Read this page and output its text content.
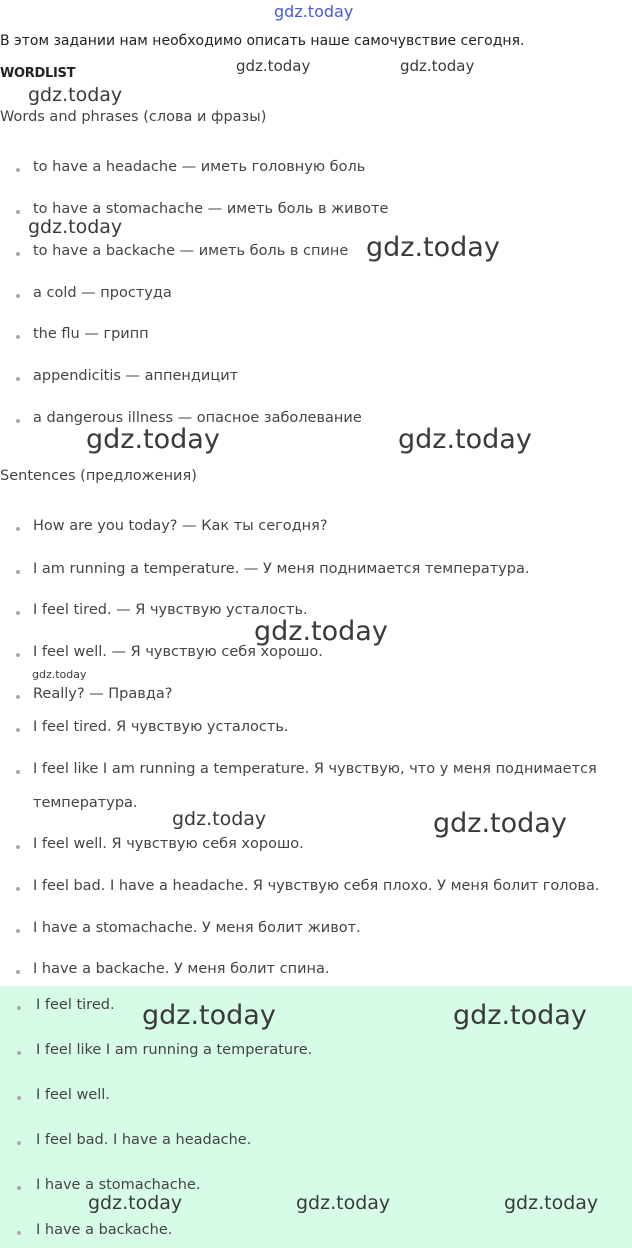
gdz.today
В этом задании нам необходимо описать наше самочувствие сегодня.
WORDLIST
Words and phrases (слова и фразы)
to have a headache — иметь головную боль
to have a stomachache — иметь боль в животе
to have a backache — иметь боль в спине
a cold — простуда
the flu — грипп
appendicitis — аппендицит
a dangerous illness — опасное заболевание
Sentences (предложения)
How are you today? — Как ты сегодня?
I am running a temperature. — У меня поднимается температура.
I feel tired. — Я чувствую усталость.
I feel well. — Я чувствую себя хорошо.
Really? — Правда?
I feel tired. Я чувствую усталость.
I feel like I am running a temperature. Я чувствую, что у меня поднимается температура.
I feel well. Я чувствую себя хорошо.
I feel bad. I have a headache. Я чувствую себя плохо. У меня болит голова.
I have a stomachache. У меня болит живот.
I have a backache. У меня болит спина.
I feel tired.
I feel like I am running a temperature.
I feel well.
I feel bad. I have a headache.
I have a stomachache.
I have a backache.
gdz.today	gdz.today
gdz.today
gdz.today
gdz.today
gdz.today	gdz.today
gdz.today
gdz.today
gdz.today	gdz.today
gdz.today	gdz.today
gdz.today	gdz.today	gdz.today
